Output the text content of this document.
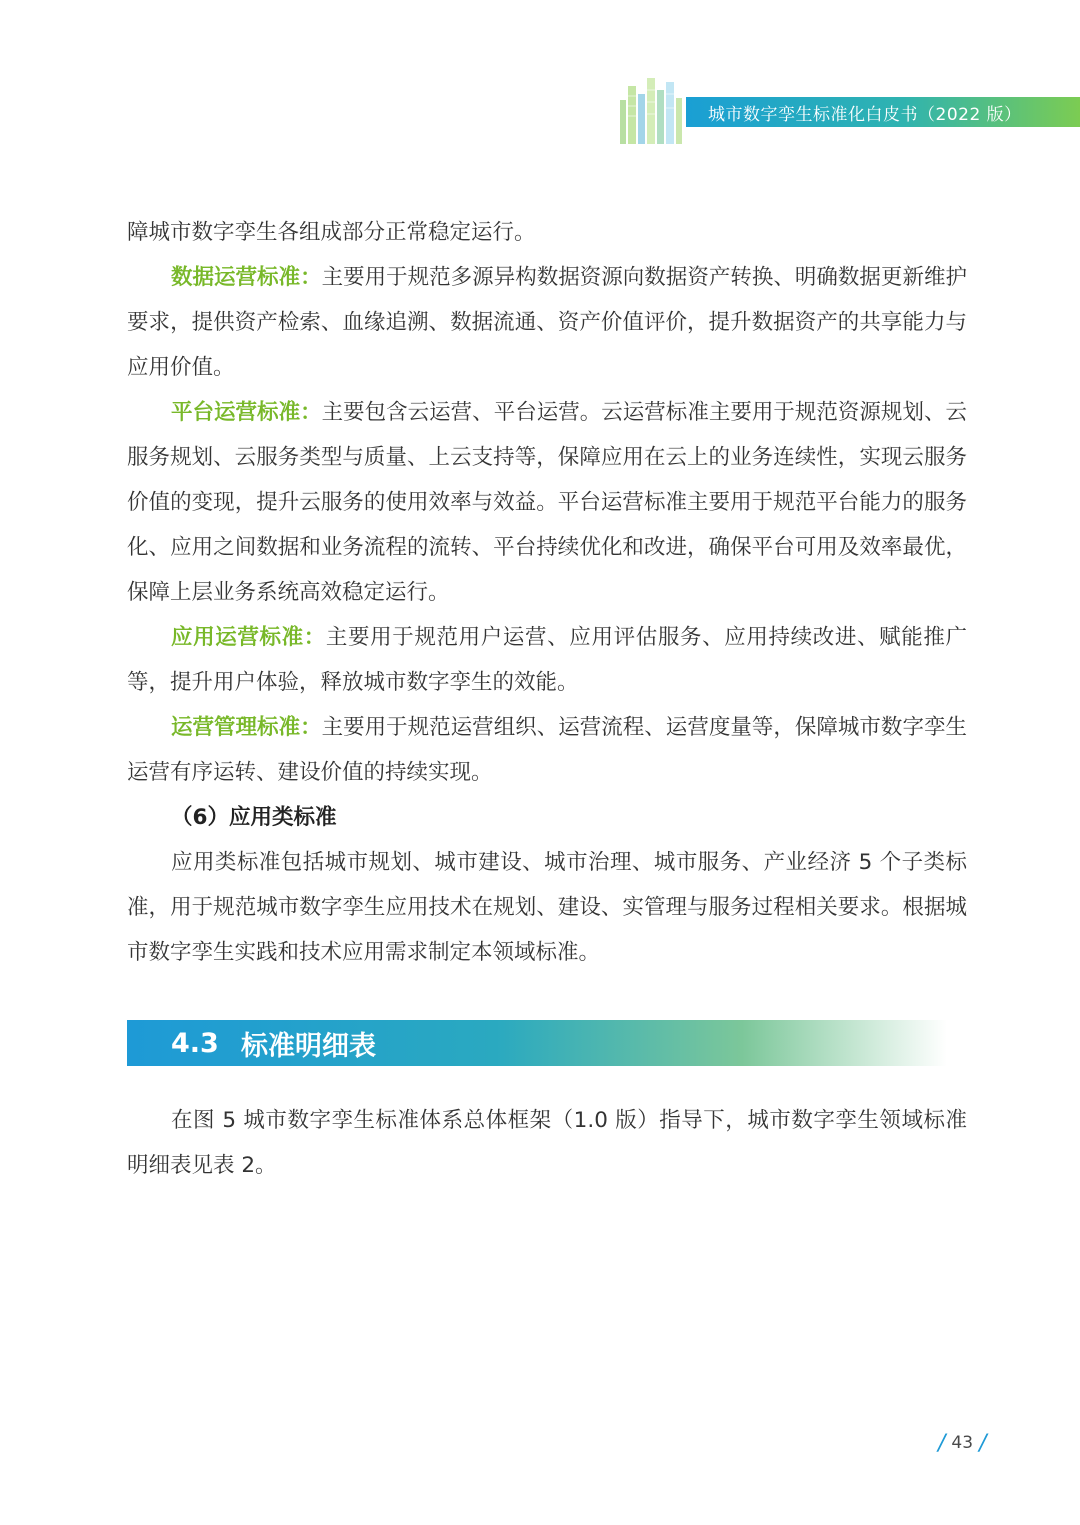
城市数字孪生标准化白皮书（2022 版）

障城市数字孪生各组成部分正常稳定运行。

数据运营标准：主要用于规范多源异构数据资源向数据资产转换、明确数据更新维护要求，提供资产检索、血缘追溯、数据流通、资产价值评价，提升数据资产的共享能力与应用价值。

平台运营标准：主要包含云运营、平台运营。云运营标准主要用于规范资源规划、云服务规划、云服务类型与质量、上云支持等，保障应用在云上的业务连续性，实现云服务价值的变现，提升云服务的使用效率与效益。平台运营标准主要用于规范平台能力的服务化、应用之间数据和业务流程的流转、平台持续优化和改进，确保平台可用及效率最优，保障上层业务系统高效稳定运行。

应用运营标准：主要用于规范用户运营、应用评估服务、应用持续改进、赋能推广等，提升用户体验，释放城市数字孪生的效能。

运营管理标准：主要用于规范运营组织、运营流程、运营度量等，保障城市数字孪生运营有序运转、建设价值的持续实现。

（6）应用类标准

应用类标准包括城市规划、城市建设、城市治理、城市服务、产业经济 5 个子类标准，用于规范城市数字孪生应用技术在规划、建设、实管理与服务过程相关要求。根据城市数字孪生实践和技术应用需求制定本领域标准。

4.3 标准明细表

在图 5 城市数字孪生标准体系总体框架（1.0 版）指导下，城市数字孪生领域标准明细表见表 2。

/ 43 /
